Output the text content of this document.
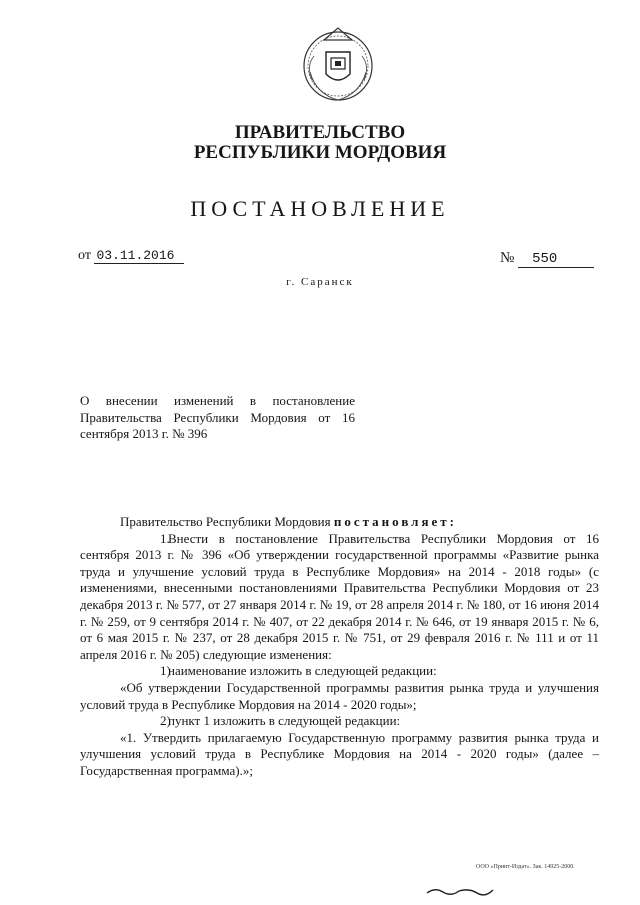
ПРАВИТЕЛЬСТВО
РЕСПУБЛИКИ МОРДОВИЯ
ПОСТАНОВЛЕНИЕ
от 03.11.2016	№ 550
г. Саранск
О внесении изменений в постановление Правительства Республики Мордовия от 16 сентября 2013 г. № 396

Правительство Республики Мордовия постановляет:

1.Внести в постановление Правительства Республики Мордовия от 16 сентября 2013 г. № 396 «Об утверждении государственной программы «Развитие рынка труда и улучшение условий труда в Республике Мордовия» на 2014 - 2018 годы» (с изменениями, внесенными постановлениями Правительства Республики Мордовия от 23 декабря 2013 г. № 577, от 27 января 2014 г. № 19, от 28 апреля 2014 г. № 180, от 16 июня 2014 г. № 259, от 9 сентября 2014 г. № 407, от 22 декабря 2014 г. № 646, от 19 января 2015 г. № 6, от 6 мая 2015 г. № 237, от 28 декабря 2015 г. № 751, от 29 февраля 2016 г. № 111 и от 11 апреля 2016 г. № 205) следующие изменения:

1)наименование изложить в следующей редакции:

«Об утверждении Государственной программы развития рынка труда и улучшения условий труда в Республике Мордовия на 2014 - 2020 годы»;

2)пункт 1 изложить в следующей редакции:

«1. Утвердить прилагаемую Государственную программу развития рынка труда и улучшения условий труда в Республике Мордовия на 2014 - 2020 годы» (далее – Государственная программа).»;

ООО «Принт-Издат». Зак. 14925-2000.
